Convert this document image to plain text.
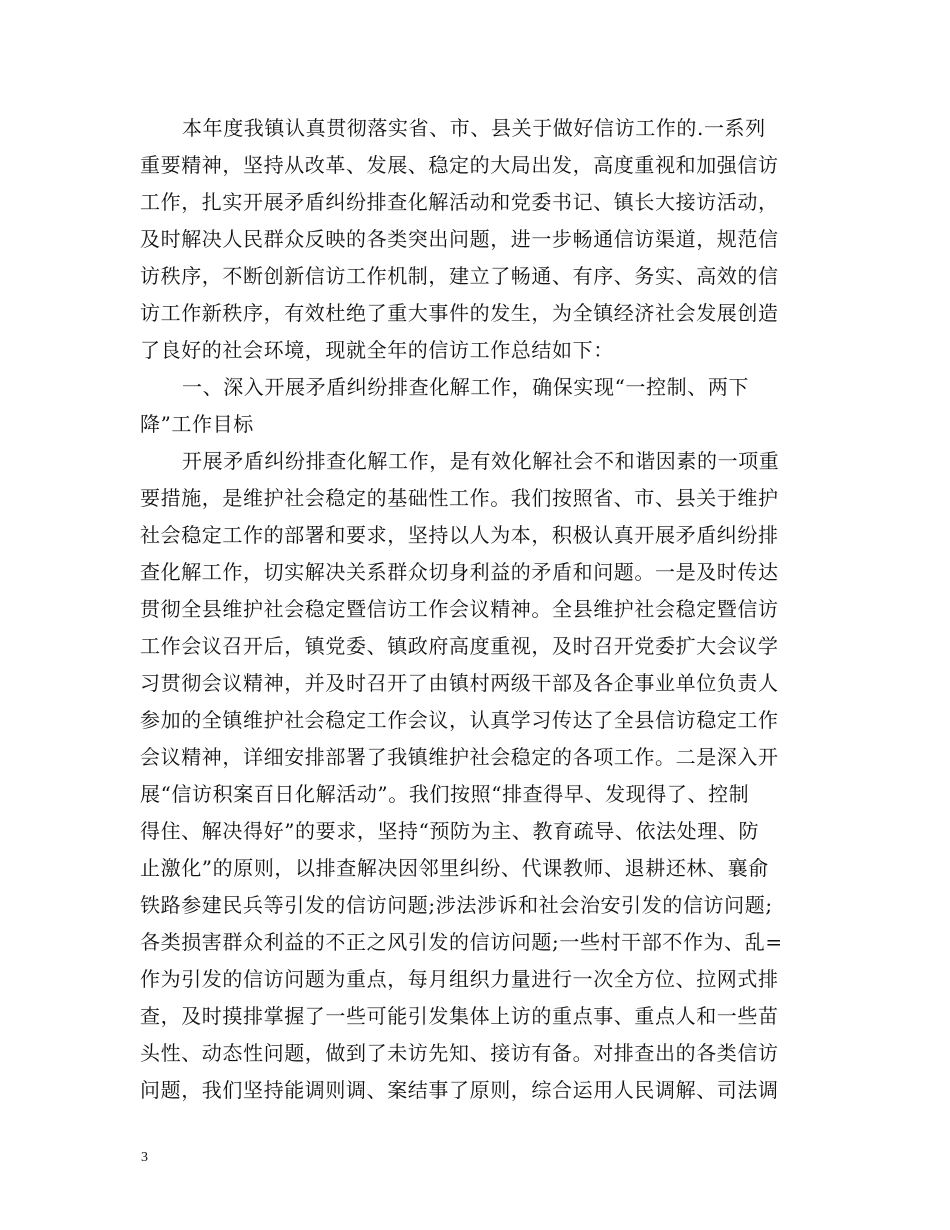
本年度我镇认真贯彻落实省、市、县关于做好信访工作的.一系列
重要精神，坚持从改革、发展、稳定的大局出发，高度重视和加强信访
工作，扎实开展矛盾纠纷排查化解活动和党委书记、镇长大接访活动，
及时解决人民群众反映的各类突出问题，进一步畅通信访渠道，规范信
访秩序，不断创新信访工作机制，建立了畅通、有序、务实、高效的信
访工作新秩序，有效杜绝了重大事件的发生，为全镇经济社会发展创造
了良好的社会环境，现就全年的信访工作总结如下：
一、深入开展矛盾纠纷排查化解工作，确保实现“一控制、两下
降”工作目标
开展矛盾纠纷排查化解工作，是有效化解社会不和谐因素的一项重
要措施，是维护社会稳定的基础性工作。我们按照省、市、县关于维护
社会稳定工作的部署和要求，坚持以人为本，积极认真开展矛盾纠纷排
查化解工作，切实解决关系群众切身利益的矛盾和问题。一是及时传达
贯彻全县维护社会稳定暨信访工作会议精神。全县维护社会稳定暨信访
工作会议召开后，镇党委、镇政府高度重视，及时召开党委扩大会议学
习贯彻会议精神，并及时召开了由镇村两级干部及各企事业单位负责人
参加的全镇维护社会稳定工作会议，认真学习传达了全县信访稳定工作
会议精神，详细安排部署了我镇维护社会稳定的各项工作。二是深入开
展“信访积案百日化解活动”。我们按照“排查得早、发现得了、控制
得住、解决得好”的要求，坚持“预防为主、教育疏导、依法处理、防
止激化”的原则，以排查解决因邻里纠纷、代课教师、退耕还林、襄俞
铁路参建民兵等引发的信访问题;涉法涉诉和社会治安引发的信访问题;
各类损害群众利益的不正之风引发的信访问题;一些村干部不作为、乱=
作为引发的信访问题为重点，每月组织力量进行一次全方位、拉网式排
查，及时摸排掌握了一些可能引发集体上访的重点事、重点人和一些苗
头性、动态性问题，做到了未访先知、接访有备。对排查出的各类信访
问题，我们坚持能调则调、案结事了原则，综合运用人民调解、司法调
3
